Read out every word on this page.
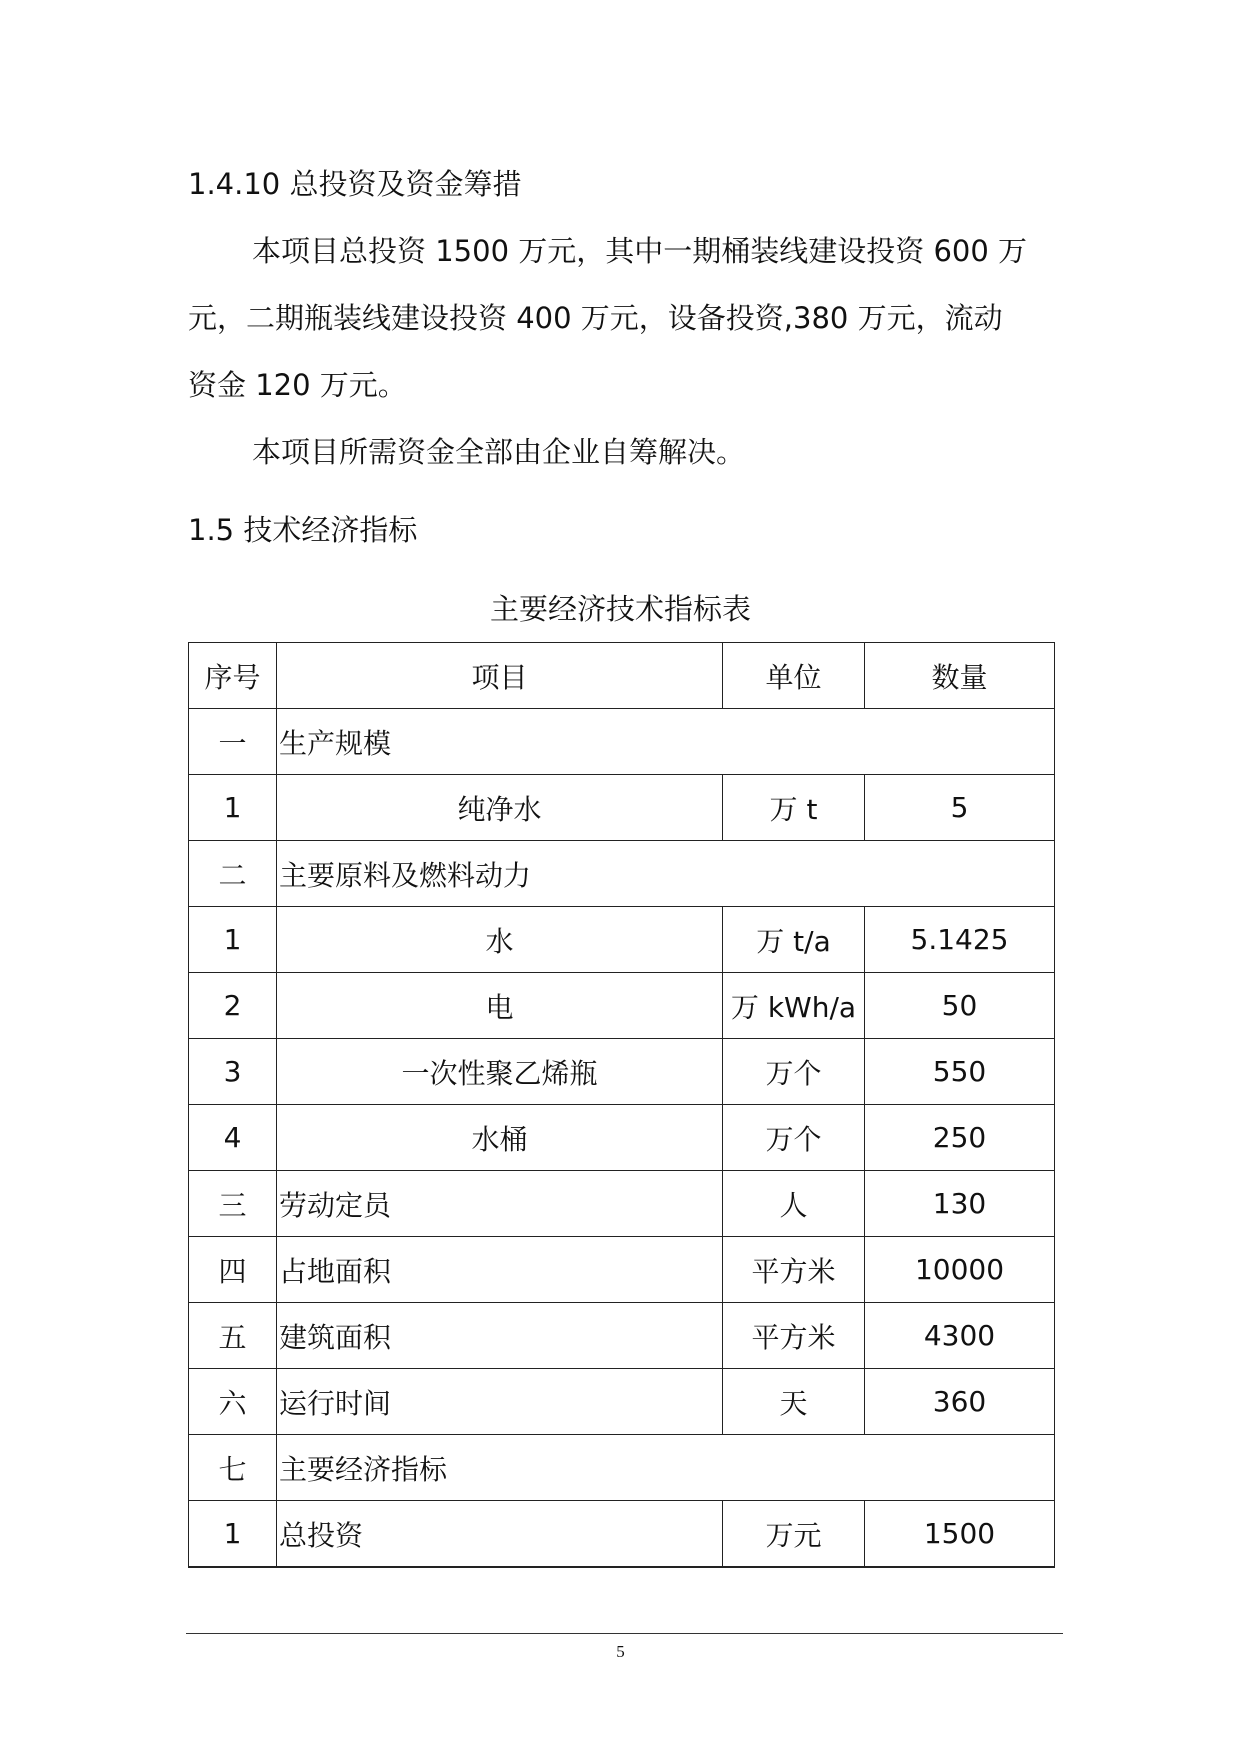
1.4.10 总投资及资金筹措
本项目总投资 1500 万元，其中一期桶装线建设投资 600 万
元，二期瓶装线建设投资 400 万元，设备投资,380 万元，流动
资金 120 万元。
本项目所需资金全部由企业自筹解决。
1.5 技术经济指标
主要经济技术指标表
序号	项目	单位	数量
一	生产规模		
1	纯净水	万 t	5
二	主要原料及燃料动力		
1	水	万 t/a	5.1425
2	电	万 kWh/a	50
3	一次性聚乙烯瓶	万个	550
4	水桶	万个	250
三	劳动定员	人	130
四	占地面积	平方米	10000
五	建筑面积	平方米	4300
六	运行时间	天	360
七	主要经济指标		
1	总投资	万元	1500
5
